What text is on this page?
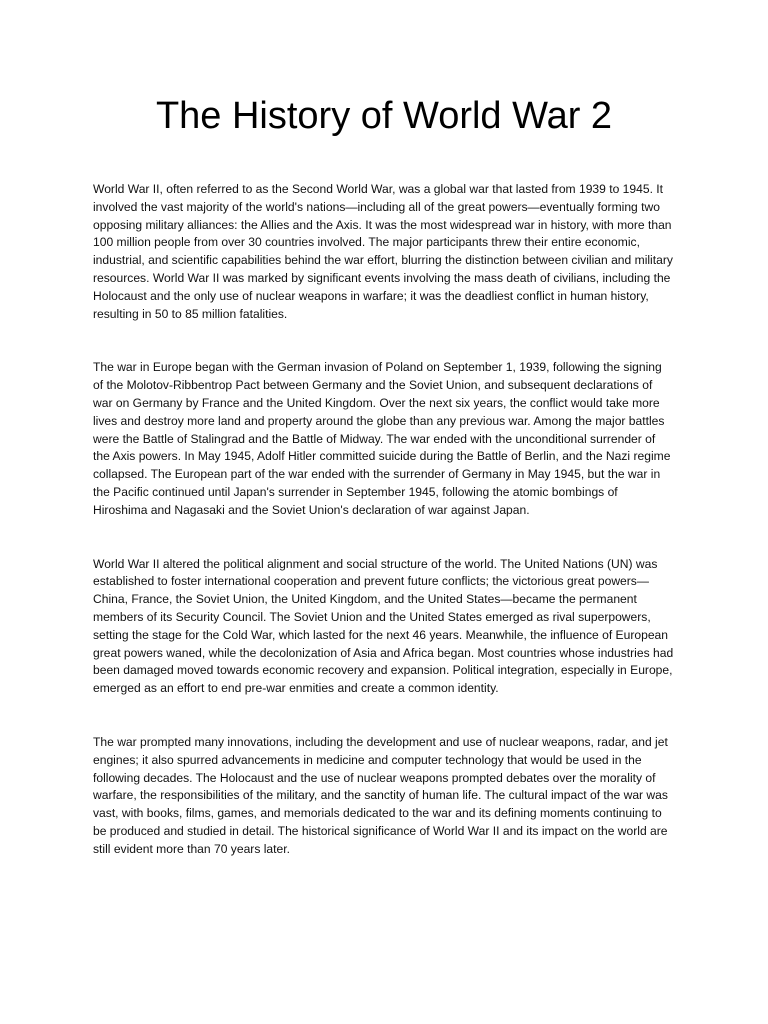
The History of World War 2

World War II, often referred to as the Second World War, was a global war that lasted from 1939 to 1945. It involved the vast majority of the world's nations—including all of the great powers—eventually forming two opposing military alliances: the Allies and the Axis. It was the most widespread war in history, with more than 100 million people from over 30 countries involved. The major participants threw their entire economic, industrial, and scientific capabilities behind the war effort, blurring the distinction between civilian and military resources. World War II was marked by significant events involving the mass death of civilians, including the Holocaust and the only use of nuclear weapons in warfare; it was the deadliest conflict in human history, resulting in 50 to 85 million fatalities.

The war in Europe began with the German invasion of Poland on September 1, 1939, following the signing of the Molotov-Ribbentrop Pact between Germany and the Soviet Union, and subsequent declarations of war on Germany by France and the United Kingdom. Over the next six years, the conflict would take more lives and destroy more land and property around the globe than any previous war. Among the major battles were the Battle of Stalingrad and the Battle of Midway. The war ended with the unconditional surrender of the Axis powers. In May 1945, Adolf Hitler committed suicide during the Battle of Berlin, and the Nazi regime collapsed. The European part of the war ended with the surrender of Germany in May 1945, but the war in the Pacific continued until Japan's surrender in September 1945, following the atomic bombings of Hiroshima and Nagasaki and the Soviet Union's declaration of war against Japan.

World War II altered the political alignment and social structure of the world. The United Nations (UN) was established to foster international cooperation and prevent future conflicts; the victorious great powers—China, France, the Soviet Union, the United Kingdom, and the United States—became the permanent members of its Security Council. The Soviet Union and the United States emerged as rival superpowers, setting the stage for the Cold War, which lasted for the next 46 years. Meanwhile, the influence of European great powers waned, while the decolonization of Asia and Africa began. Most countries whose industries had been damaged moved towards economic recovery and expansion. Political integration, especially in Europe, emerged as an effort to end pre-war enmities and create a common identity.

The war prompted many innovations, including the development and use of nuclear weapons, radar, and jet engines; it also spurred advancements in medicine and computer technology that would be used in the following decades. The Holocaust and the use of nuclear weapons prompted debates over the morality of warfare, the responsibilities of the military, and the sanctity of human life. The cultural impact of the war was vast, with books, films, games, and memorials dedicated to the war and its defining moments continuing to be produced and studied in detail. The historical significance of World War II and its impact on the world are still evident more than 70 years later.
